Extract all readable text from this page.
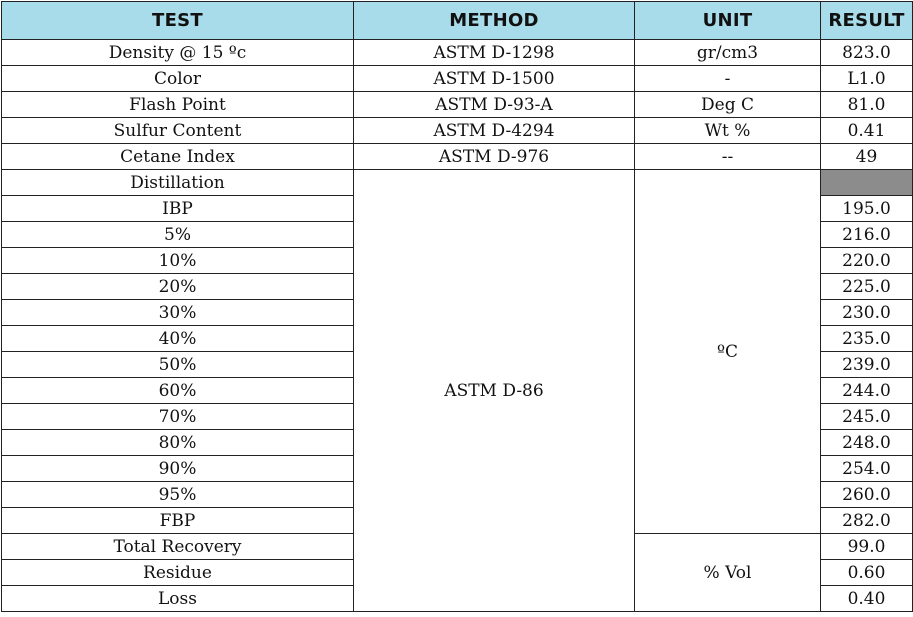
TEST	METHOD	UNIT	RESULT
Density @ 15 ºc	ASTM D-1298	gr/cm3	823.0
Color	ASTM D-1500	-	L1.0
Flash Point	ASTM D-93-A	Deg C	81.0
Sulfur Content	ASTM D-4294	Wt %	0.41
Cetane Index	ASTM D-976	--	49
Distillation	ASTM D-86	ºC	
IBP			195.0
5%			216.0
10%			220.0
20%			225.0
30%			230.0
40%			235.0
50%			239.0
60%			244.0
70%			245.0
80%			248.0
90%			254.0
95%			260.0
FBP			282.0
Total Recovery		% Vol	99.0
Residue			0.60
Loss			0.40
